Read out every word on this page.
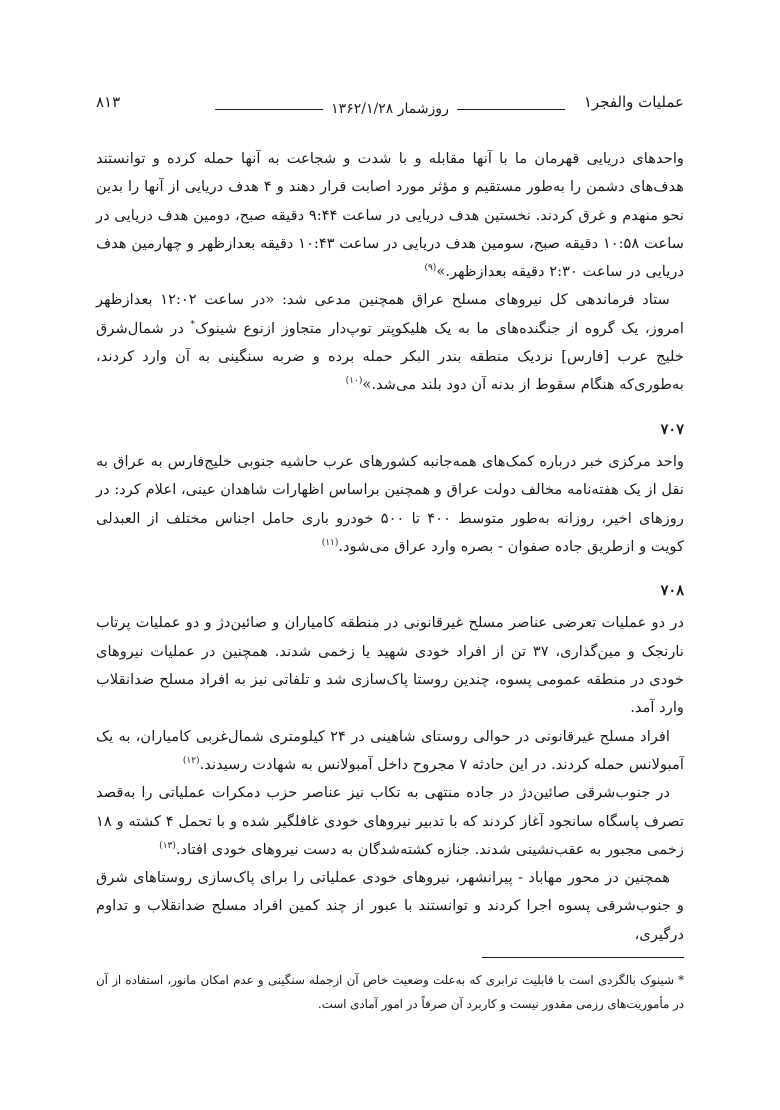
عملیات والفجر۱
روزشمار ۱۳۶۲/۱/۲۸
۸۱۳

واحدهای دریایی قهرمان ما با آنها مقابله و با شدت و شجاعت به آنها حمله کرده و توانستند هدف‌های دشمن را به‌طور مستقیم و مؤثر مورد اصابت قرار دهند و ۴ هدف دریایی از آنها را بدین نحو منهدم و غرق کردند. نخستین هدف دریایی در ساعت ۹:۴۴ دقیقه صبح، دومین هدف دریایی در ساعت ۱۰:۵۸ دقیقه صبح، سومین هدف دریایی در ساعت ۱۰:۴۳ دقیقه بعدازظهر و چهارمین هدف دریایی در ساعت ۲:۳۰ دقیقه بعدازظهر.»$^{(۹)}$

ستاد فرماندهی کل نیروهای مسلح عراق همچنین مدعی شد: «در ساعت ۱۲:۰۲ بعدازظهر امروز، یک گروه از جنگنده‌های ما به یک هلیکوپتر توپ‌دار متجاوز ازنوع شینوک* در شمال‌شرق خلیج عرب [فارس] نزدیک منطقه بندر البکر حمله برده و ضربه سنگینی به آن وارد کردند، به‌طوری‌که هنگام سقوط از بدنه آن دود بلند می‌شد.»$^{(۱۰)}$

۷۰۷

واحد مرکزی خبر درباره کمک‌های همه‌جانبه کشورهای عرب حاشیه جنوبی خلیج‌فارس به عراق به نقل از یک هفته‌نامه مخالف دولت عراق و همچنین براساس اظهارات شاهدان عینی، اعلام کرد: در روزهای اخیر، روزانه به‌طور متوسط ۴۰۰ تا ۵۰۰ خودرو باری حامل اجناس مختلف از العبدلی کویت و ازطریق جاده صفوان - بصره وارد عراق می‌شود.$^{(۱۱)}$

۷۰۸

در دو عملیات تعرضی عناصر مسلح غیرقانونی در منطقه کامیاران و صائین‌دژ و دو عملیات پرتاب نارنجک و مین‌گذاری، ۳۷ تن از افراد خودی شهید یا زخمی شدند. همچنین در عملیات نیروهای خودی در منطقه عمومی پسوه، چندین روستا پاک‌سازی شد و تلفاتی نیز به افراد مسلح ضدانقلاب وارد آمد.

افراد مسلح غیرقانونی در حوالی روستای شاهینی در ۲۴ کیلومتری شمال‌غربی کامیاران، به یک آمبولانس حمله کردند. در این حادثه ۷ مجروح داخل آمبولانس به شهادت رسیدند.$^{(۱۲)}$

در جنوب‌شرقی صائین‌دژ در جاده منتهی به تکاب نیز عناصر حزب دمکرات عملیاتی را به‌قصد تصرف پاسگاه سانجود آغاز کردند که با تدبیر نیروهای خودی غافلگیر شده و با تحمل ۴ کشته و ۱۸ زخمی مجبور به عقب‌نشینی شدند. جنازه کشته‌شدگان به دست نیروهای خودی افتاد.$^{(۱۳)}$

همچنین در محور مهاباد - پیرانشهر، نیروهای خودی عملیاتی را برای پاک‌سازی روستاهای شرق و جنوب‌شرقی پسوه اجرا کردند و توانستند با عبور از چند کمین افراد مسلح ضدانقلاب و تداوم درگیری،

* شینوک بالگردی است با قابلیت ترابری که به‌علت وضعیت خاص آن ازجمله سنگینی و عدم امکان مانور، استفاده از آن در مأموریت‌های رزمی مقدور نیست و کاربرد آن صرفاً در امور آمادی است.
